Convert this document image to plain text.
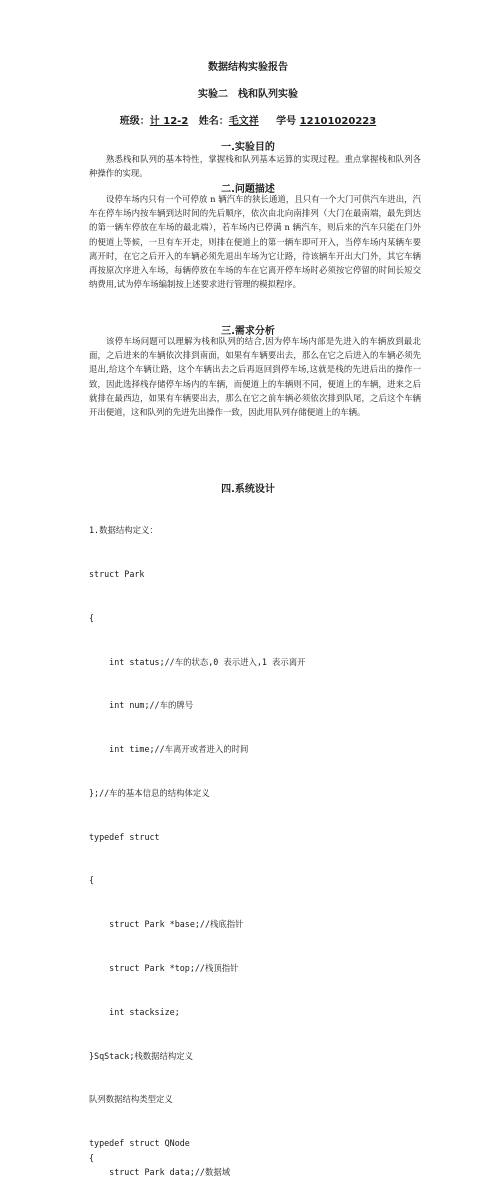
数据结构实验报告
实验二　栈和队列实验
班级：计 12-2 姓名：毛文祥 学号 12101020223
一.实验目的

熟悉栈和队列的基本特性，掌握栈和队列基本运算的实现过程。重点掌握栈和队列各种操作的实现。

二.问题描述

设停车场内只有一个可停放 n 辆汽车的狭长通道，且只有一个大门可供汽车进出，汽车在停车场内按车辆到达时间的先后顺序，依次由北向南排列（大门在最南端，最先到达的第一辆车停放在车场的最北端），若车场内已停满 n 辆汽车，则后来的汽车只能在门外的便道上等候，一旦有车开走，则排在便道上的第一辆车即可开入，当停车场内某辆车要离开时，在它之后开入的车辆必须先退出车场为它让路，待该辆车开出大门外，其它车辆再按原次序进入车场，每辆停放在车场的车在它离开停车场时必须按它停留的时间长短交纳费用,试为停车场编制按上述要求进行管理的模拟程序。

三.需求分析

该停车场问题可以理解为栈和队列的结合,因为停车场内部是先进入的车辆放到最北面，之后进来的车辆依次排到南面，如果有车辆要出去，那么在它之后进入的车辆必须先退出,给这个车辆让路，这个车辆出去之后再返回到停车场,这就是栈的先进后出的操作一致，因此选择栈存储停车场内的车辆，而便道上的车辆则不同，便道上的车辆，进来之后就排在最西边，如果有车辆要出去，那么在它之前车辆必须依次排到队尾，之后这个车辆开出便道，这和队列的先进先出操作一致，因此用队列存储便道上的车辆。

四.系统设计

1.数据结构定义：

struct Park

{

int status;//车的状态,0 表示进入,1 表示离开

int num;//车的牌号

int time;//车离开或者进入的时间

};//车的基本信息的结构体定义

typedef struct

{

struct Park *base;//栈底指针

struct Park *top;//栈顶指针

int stacksize;

}SqStack;栈数据结构定义

队列数据结构类型定义

typedef struct QNode
{
struct Park data;//数据域
